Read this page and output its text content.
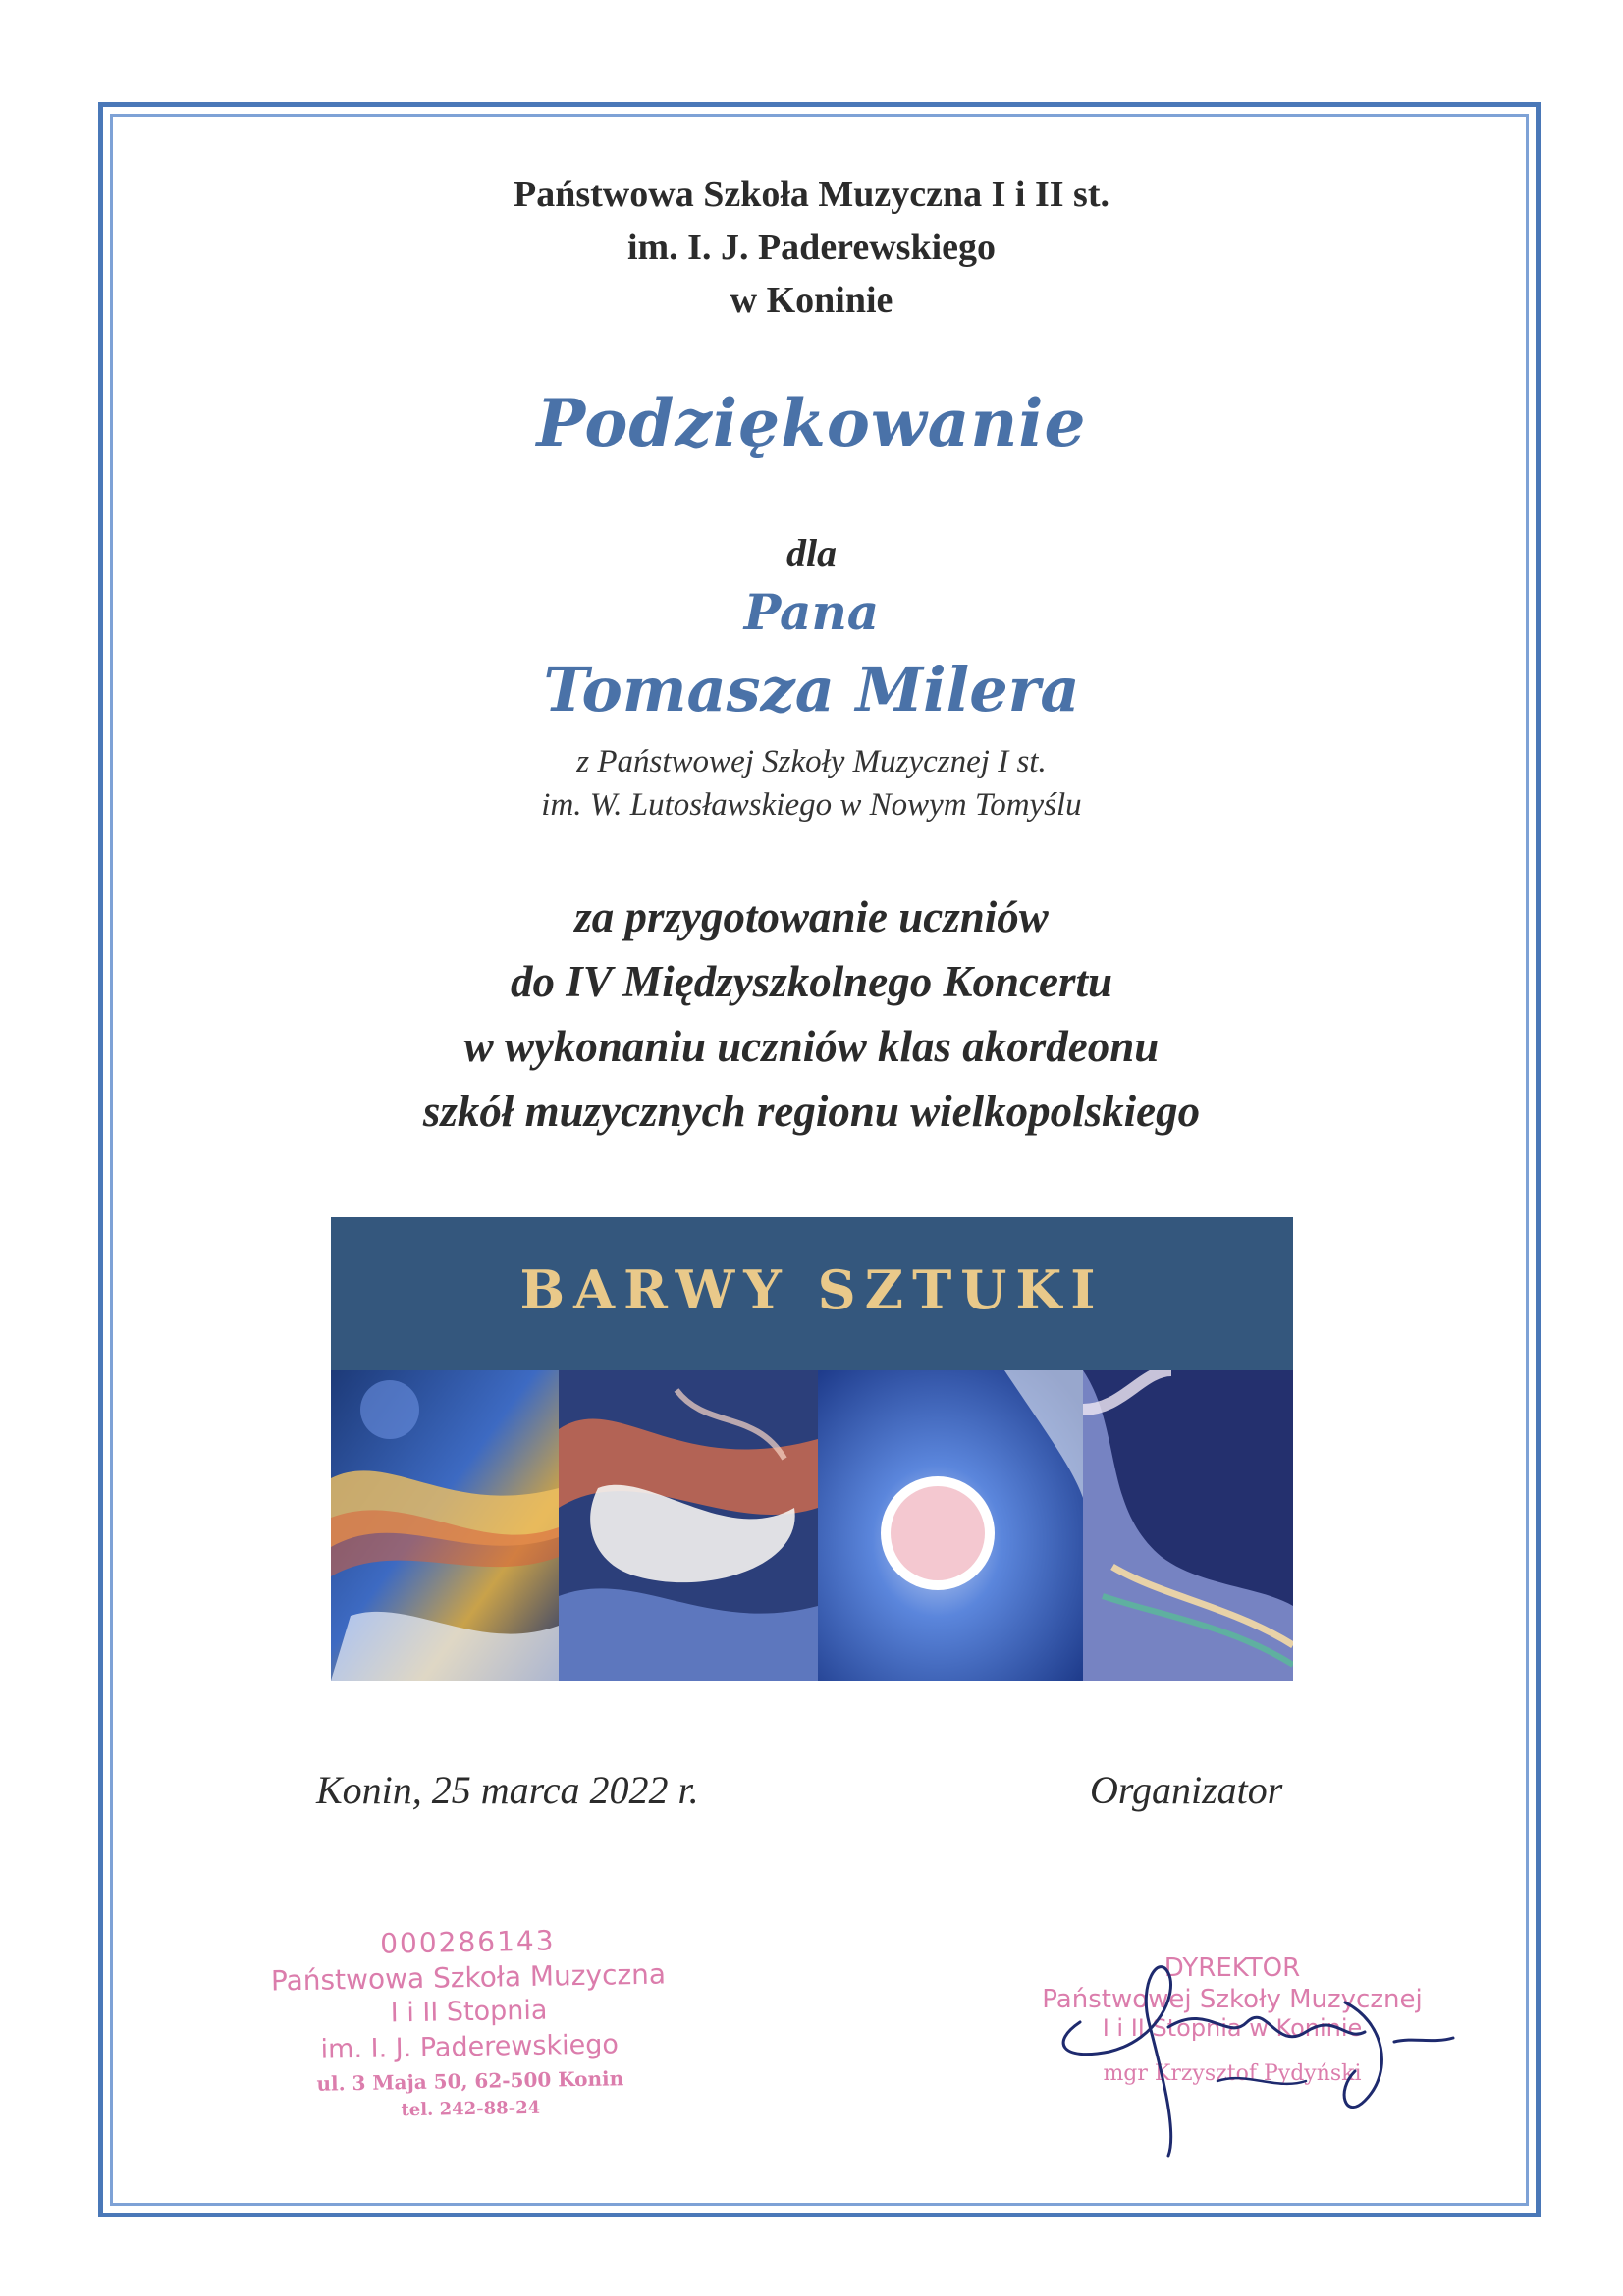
Państwowa Szkoła Muzyczna I i II st.
im. I. J. Paderewskiego
w Koninie
Podziękowanie
dla
Pana
Tomasza Milera
z Państwowej Szkoły Muzycznej I st.
im. W. Lutosławskiego w Nowym Tomyślu
za przygotowanie uczniów
do IV Międzyszkolnego Koncertu
w wykonaniu uczniów klas akordeonu
szkół muzycznych regionu wielkopolskiego
BARWY SZTUKI
Konin, 25 marca 2022 r.	Organizator
000286143
Państwowa Szkoła Muzyczna
I i II Stopnia
im. I. J. Paderewskiego
ul. 3 Maja 50, 62-500 Konin
tel. 242-88-24
DYREKTOR
Państwowej Szkoły Muzycznej
I i II Stopnia w Koninie
mgr Krzysztof Pydyński
